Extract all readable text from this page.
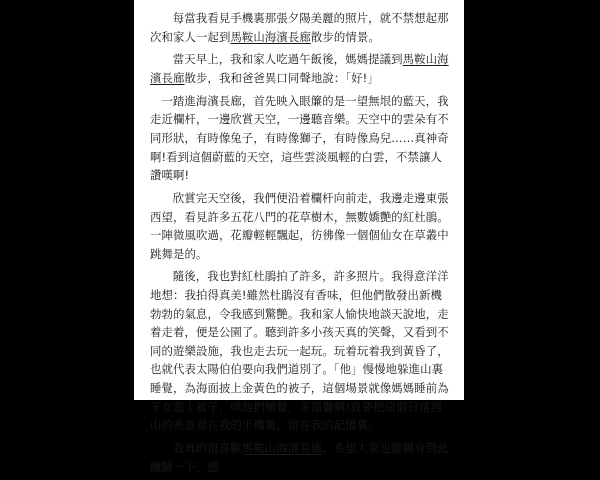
每當我看見手機裏那張夕陽美麗的照片，就不禁想起那次和家人一起到馬鞍山海濱長廊散步的情景。

當天早上，我和家人吃過午飯後，媽媽提議到馬鞍山海濱長廊散步，我和爸爸異口同聲地說：「好!」

一踏進海濱長廊，首先映入眼簾的是一望無垠的藍天，我走近欄杆，一邊欣賞天空，一邊聽音樂。天空中的雲朵有不同形狀，有時像兔子，有時像獅子，有時像鳥兒……真神奇啊!看到這個蔚藍的天空，這些雲淡風輕的白雲，不禁讓人讚嘆啊!

欣賞完天空後，我們便沿着欄杆向前走，我邊走邊東張西望，看見許多五花八門的花草樹木，無數嬌艷的紅杜鵑。一陣微風吹過，花瓣輕輕飄起，彷彿像一個個仙女在草叢中跳舞是的。

隨後，我也對紅杜鵑拍了許多，許多照片。我得意洋洋地想：我拍得真美!雖然杜鵑沒有香味，但他們散發出新機勃勃的氣息，令我感到驚艷。我和家人愉快地談天說地，走着走着，便是公園了。聽到許多小孩天真的笑聲，又看到不同的遊樂設施，我也走去玩一起玩。玩着玩着我到黃昏了，也就代表太陽伯伯要向我們道別了。「他」慢慢地躲進山裏睡覺，為海面披上金黃色的被子，這個場景就像媽媽睡前為子女蓋上被子，哄他們睡覺，多溫馨啊!我要把這個日落西山的美景留在我的手機裏，留在我的記憶裏。

我真的很喜歡馬鞍山海濱長廊，希望大家也能親身到此體驗一下，感
